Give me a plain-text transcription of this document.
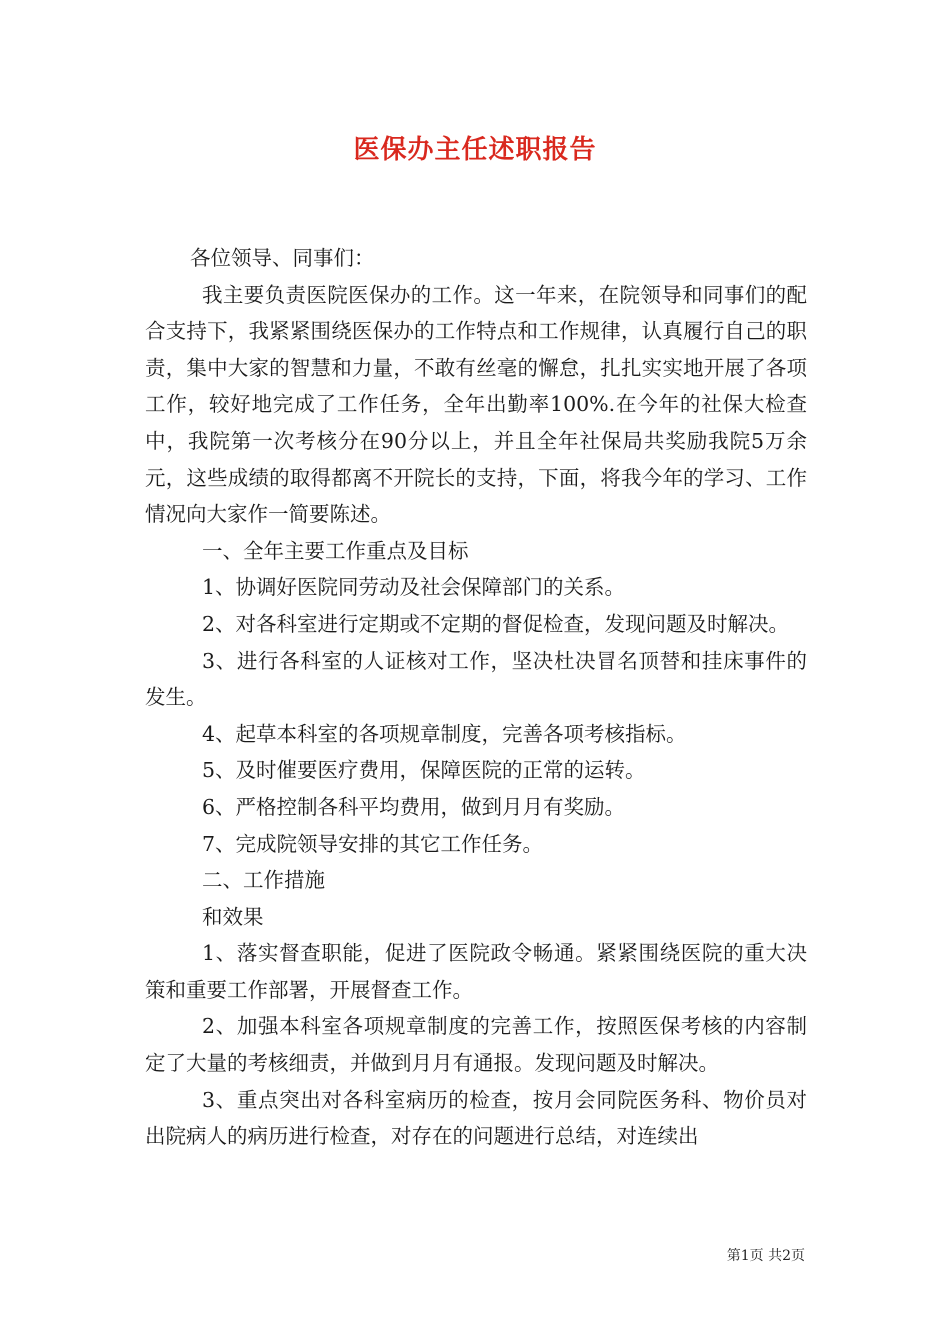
医保办主任述职报告

各位领导、同事们：

我主要负责医院医保办的工作。这一年来，在院领导和同事们的配合支持下，我紧紧围绕医保办的工作特点和工作规律，认真履行自己的职责，集中大家的智慧和力量，不敢有丝毫的懈怠，扎扎实实地开展了各项工作，较好地完成了工作任务，全年出勤率100%.在今年的社保大检查中，我院第一次考核分在90分以上，并且全年社保局共奖励我院5万余元，这些成绩的取得都离不开院长的支持，下面，将我今年的学习、工作情况向大家作一简要陈述。

一、全年主要工作重点及目标

1、协调好医院同劳动及社会保障部门的关系。

2、对各科室进行定期或不定期的督促检查，发现问题及时解决。

3、进行各科室的人证核对工作，坚决杜决冒名顶替和挂床事件的发生。

4、起草本科室的各项规章制度，完善各项考核指标。

5、及时催要医疗费用，保障医院的正常的运转。

6、严格控制各科平均费用，做到月月有奖励。

7、完成院领导安排的其它工作任务。

二、工作措施

和效果

1、落实督查职能，促进了医院政令畅通。紧紧围绕医院的重大决策和重要工作部署，开展督查工作。

2、加强本科室各项规章制度的完善工作，按照医保考核的内容制定了大量的考核细责，并做到月月有通报。发现问题及时解决。

3、重点突出对各科室病历的检查，按月会同院医务科、物价员对出院病人的病历进行检查，对存在的问题进行总结，对连续出

第1页 共2页
